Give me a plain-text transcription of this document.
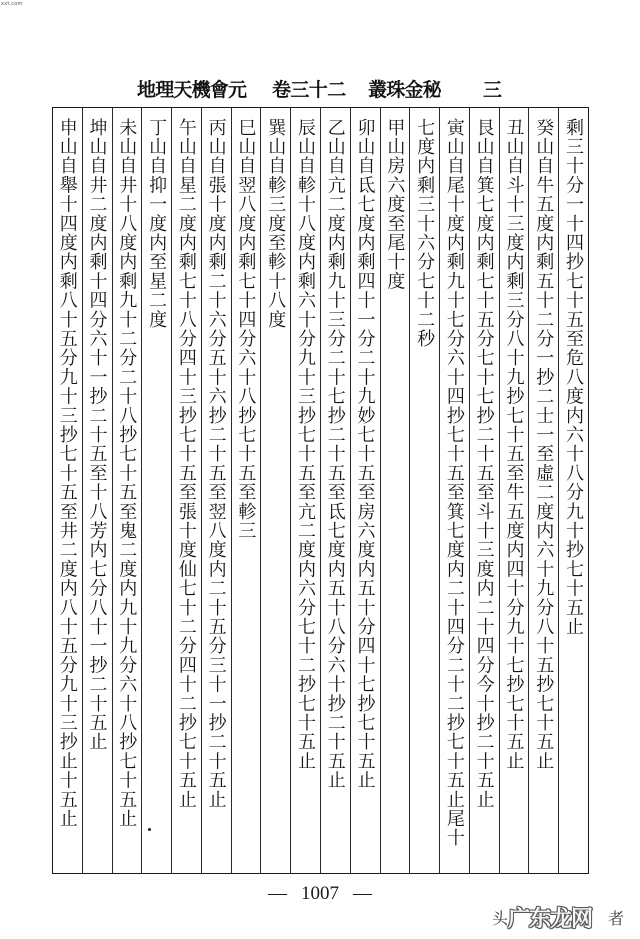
xxt.com
地理天機會元 卷三十二 叢珠金秘 三
剩三十分一十四抄七十五至危八度内六十八分九十抄七十五止
癸山自牛五度内剩五十二分一抄二士一至虛二度内六十九分八十五抄七十五止
丑山自斗十三度内剩三分八十九抄七十五至牛五度内四十分九十七抄七十五止
艮山自箕七度内剩七十五分七十七抄二十五至斗十三度内二十四分今十抄二十五止
寅山自尾十度内剩九十七分六十四抄七十五至箕七度内二十四分二十二抄七十五止尾十
七度内剩三十六分七十二秒
甲山房六度至尾十度
卯山自氐七度内剩四十一分二十九妙七十五至房六度内五十分四十七抄七十五止
乙山自亢二度内剩九十三分二十七抄二十五至氐七度内五十八分六十抄二十五止
辰山自軫十八度内剩六十分九十三抄七十五至亢二度内六分七十二抄七十五止
巽山自軫三度至軫十八度
巳山自翌八度内剩七十四分六十八抄七十五至軫三
丙山自張十度内剩二十六分五十六抄二十五至翌八度内二十五分三十一抄二十五止
午山自星二度内剩七十八分四十三抄七十五至張十度仙七十二分四十二抄七十五止
丁山自抑一度内至星二度
未山自井十八度内剩九十二分二十八抄七十五至鬼二度内九十九分六十八抄七十五止
坤山自井二度内剩十四分六十一抄二十五至十八芳内七分八十一抄二十五止
申山自舉十四度内剩八十五分九十三抄七十五至井二度内八十五分九十三抄止十五止
— 1007 —
头	者
广东龙网
